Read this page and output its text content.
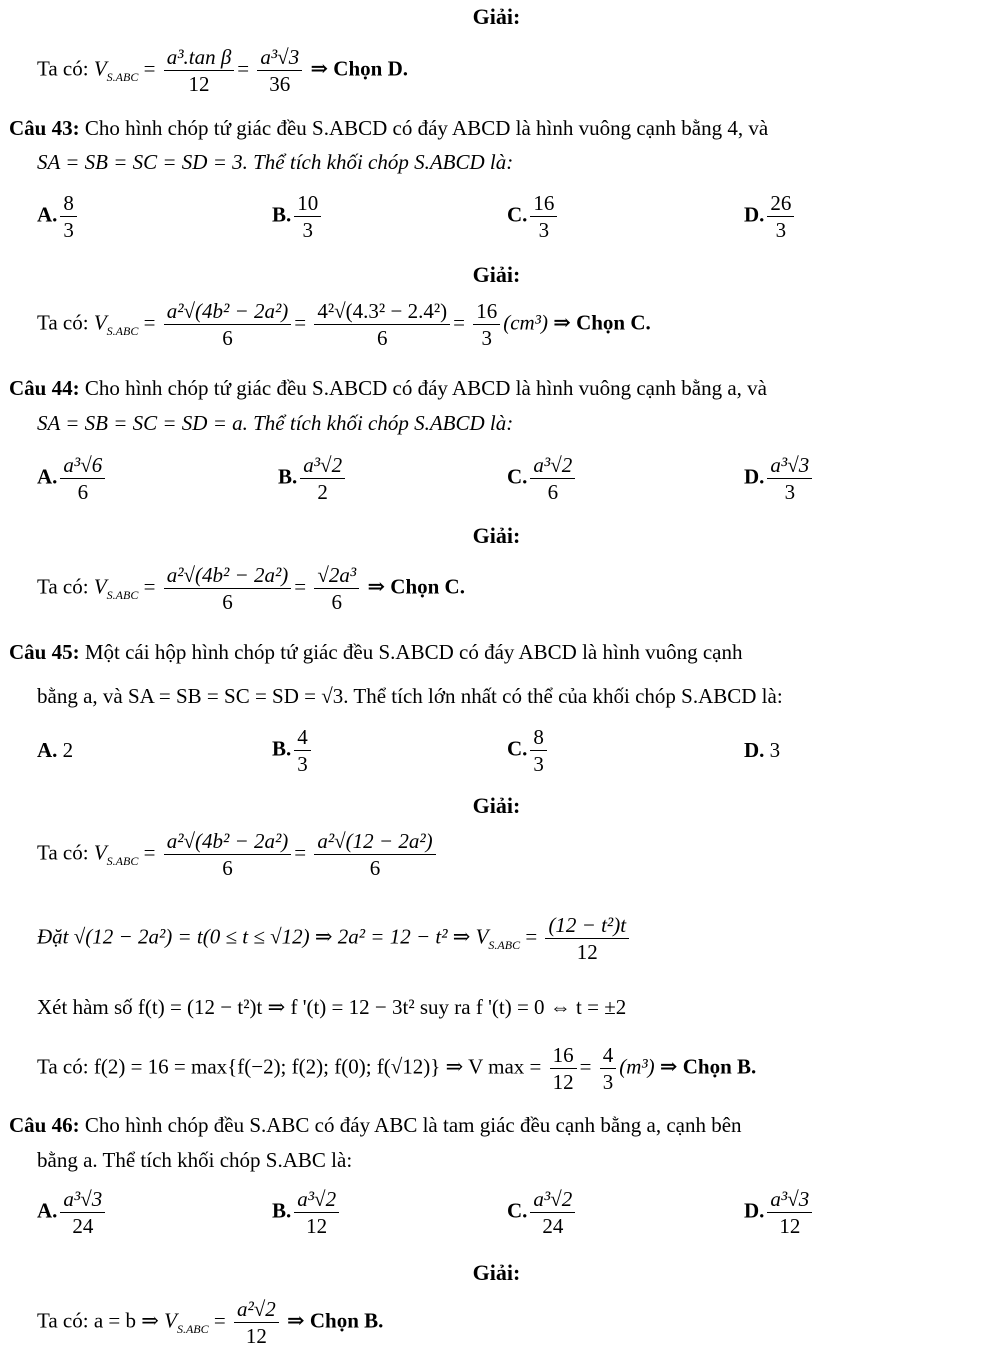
Giải:
Ta có: $V_{S.ABC} = \frac{\text{a³.tan β}}{12} = \frac{\text{a³√3}}{36}$ ⇒ Chọn D.
Câu 43: Cho hình chóp tứ giác đều S.ABCD có đáy ABCD là hình vuông cạnh bằng 4, và
SA = SB = SC = SD = 3. Thể tích khối chóp S.ABCD là:
A. $\frac{8}{3}$	B. $\frac{10}{3}$	C. $\frac{16}{3}$	D. $\frac{26}{3}$
Giải:
Ta có: $V_{S.ABC} = \frac{\text{a²√(4b² − 2a²)}}{6} = \frac{\text{4²√(4.3² − 2.4²)}}{6} = \frac{16}{3} (cm^3)$ ⇒ Chọn C.
Câu 44: Cho hình chóp tứ giác đều S.ABCD có đáy ABCD là hình vuông cạnh bằng a, và
SA = SB = SC = SD = a. Thể tích khối chóp S.ABCD là:
A. $\frac{\text{a³√6}}{6}$	B. $\frac{\text{a³√2}}{2}$	C. $\frac{\text{a³√2}}{6}$	D. $\frac{\text{a³√3}}{3}$
Giải:
Ta có: $V_{S.ABC} = \frac{\text{a²√(4b² − 2a²)}}{6} = \frac{\text{√2a³}}{6}$ ⇒ Chọn C.
Câu 45: Một cái hộp hình chóp tứ giác đều S.ABCD có đáy ABCD là hình vuông cạnh
bằng a, và SA = SB = SC = SD = √3. Thể tích lớn nhất có thể của khối chóp S.ABCD là:
A. 2	B. $\frac{4}{3}$	C. $\frac{8}{3}$	D. 3
Giải:
Ta có: $V_{S.ABC} = \frac{\text{a²√(4b² − 2a²)}}{6} = \frac{\text{a²√(12 − 2a²)}}{6}$
Đặt √(12 − 2a²) = t(0 ≤ t ≤ √12) ⇒ 2a² = 12 − t² ⇒ $V_{S.ABC} = \frac{\text{(12 − t²)t}}{12}$
Xét hàm số f(t) = (12 − t²)t ⇒ f '(t) = 12 − 3t² suy ra f '(t) = 0 ⇔ t = ±2
Ta có: f(2) = 16 = max{f(−2); f(2); f(0); f(√12)} ⇒ V $\max = \frac{16}{12} = \frac{4}{3} (m^3)$ ⇒ Chọn B.
Câu 46: Cho hình chóp đều S.ABC có đáy ABC là tam giác đều cạnh bằng a, cạnh bên
bằng a. Thể tích khối chóp S.ABC là:
A. $\frac{\text{a³√3}}{24}$	B. $\frac{\text{a³√2}}{12}$	C. $\frac{\text{a³√2}}{24}$	D. $\frac{\text{a³√3}}{12}$
Giải:
Ta có: a = b ⇒ $V_{S.ABC} = \frac{\text{a²√2}}{12}$ ⇒ Chọn B.
